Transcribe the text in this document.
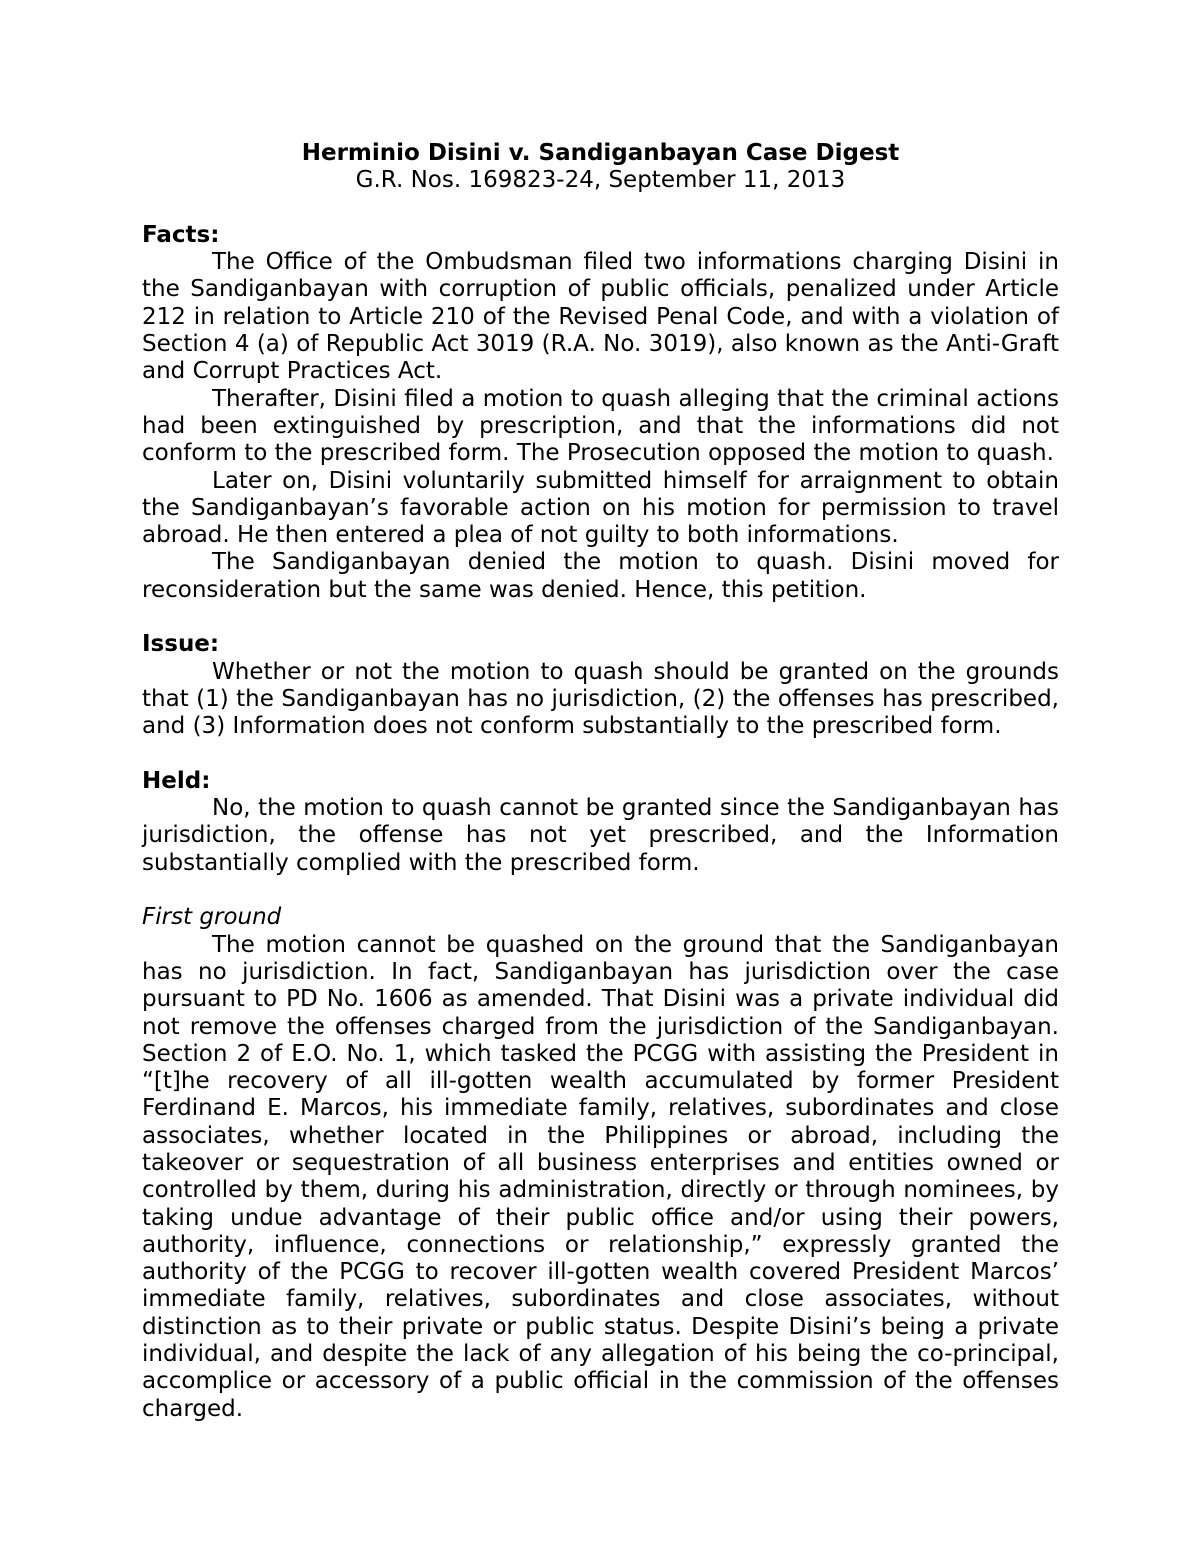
Herminio Disini v. Sandiganbayan Case Digest

G.R. Nos. 169823-24, September 11, 2013

Facts:

The Office of the Ombudsman filed two informations charging Disini in the Sandiganbayan with corruption of public officials, penalized under Article 212 in relation to Article 210 of the Revised Penal Code, and with a violation of Section 4 (a) of Republic Act 3019 (R.A. No. 3019), also known as the Anti-Graft and Corrupt Practices Act.

Therafter, Disini filed a motion to quash alleging that the criminal actions had been extinguished by prescription, and that the informations did not conform to the prescribed form. The Prosecution opposed the motion to quash.

Later on, Disini voluntarily submitted himself for arraignment to obtain the Sandiganbayan’s favorable action on his motion for permission to travel abroad. He then entered a plea of not guilty to both informations.

The Sandiganbayan denied the motion to quash. Disini moved for reconsideration but the same was denied. Hence, this petition.

Issue:

Whether or not the motion to quash should be granted on the grounds that (1) the Sandiganbayan has no jurisdiction, (2) the offenses has prescribed, and (3) Information does not conform substantially to the prescribed form.

Held:

No, the motion to quash cannot be granted since the Sandiganbayan has jurisdiction, the offense has not yet prescribed, and the Information substantially complied with the prescribed form.

First ground

The motion cannot be quashed on the ground that the Sandiganbayan has no jurisdiction. In fact, Sandiganbayan has jurisdiction over the case pursuant to PD No. 1606 as amended. That Disini was a private individual did not remove the offenses charged from the jurisdiction of the Sandiganbayan. Section 2 of E.O. No. 1, which tasked the PCGG with assisting the President in “[t]he recovery of all ill-gotten wealth accumulated by former President Ferdinand E. Marcos, his immediate family, relatives, subordinates and close associates, whether located in the Philippines or abroad, including the takeover or sequestration of all business enterprises and entities owned or controlled by them, during his administration, directly or through nominees, by taking undue advantage of their public office and/or using their powers, authority, influence, connections or relationship,” expressly granted the authority of the PCGG to recover ill-gotten wealth covered President Marcos’ immediate family, relatives, subordinates and close associates, without distinction as to their private or public status. Despite Disini’s being a private individual, and despite the lack of any allegation of his being the co-principal, accomplice or accessory of a public official in the commission of the offenses charged.
